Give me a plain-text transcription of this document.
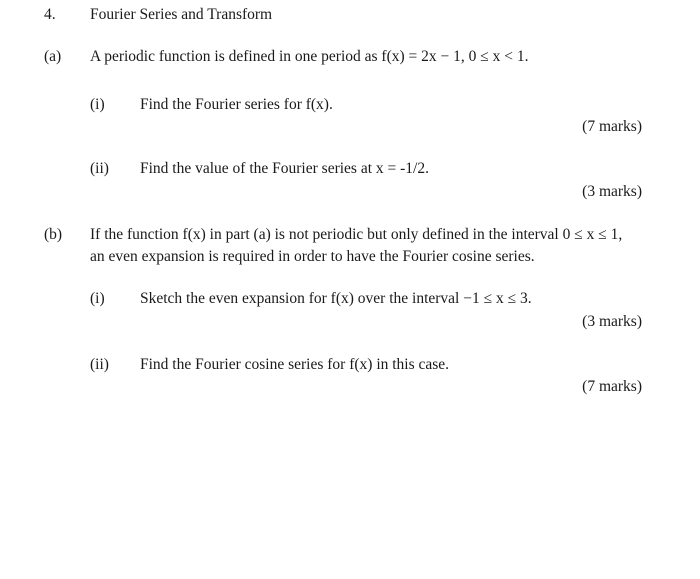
4. Fourier Series and Transform
(a) A periodic function is defined in one period as f(x) = 2x − 1, 0 ≤ x < 1.
(i) Find the Fourier series for f(x).
(7 marks)
(ii) Find the value of the Fourier series at x = -1/2.
(3 marks)
(b) If the function f(x) in part (a) is not periodic but only defined in the interval 0 ≤ x ≤ 1,
an even expansion is required in order to have the Fourier cosine series.
(i) Sketch the even expansion for f(x) over the interval −1 ≤ x ≤ 3.
(3 marks)
(ii) Find the Fourier cosine series for f(x) in this case.
(7 marks)
